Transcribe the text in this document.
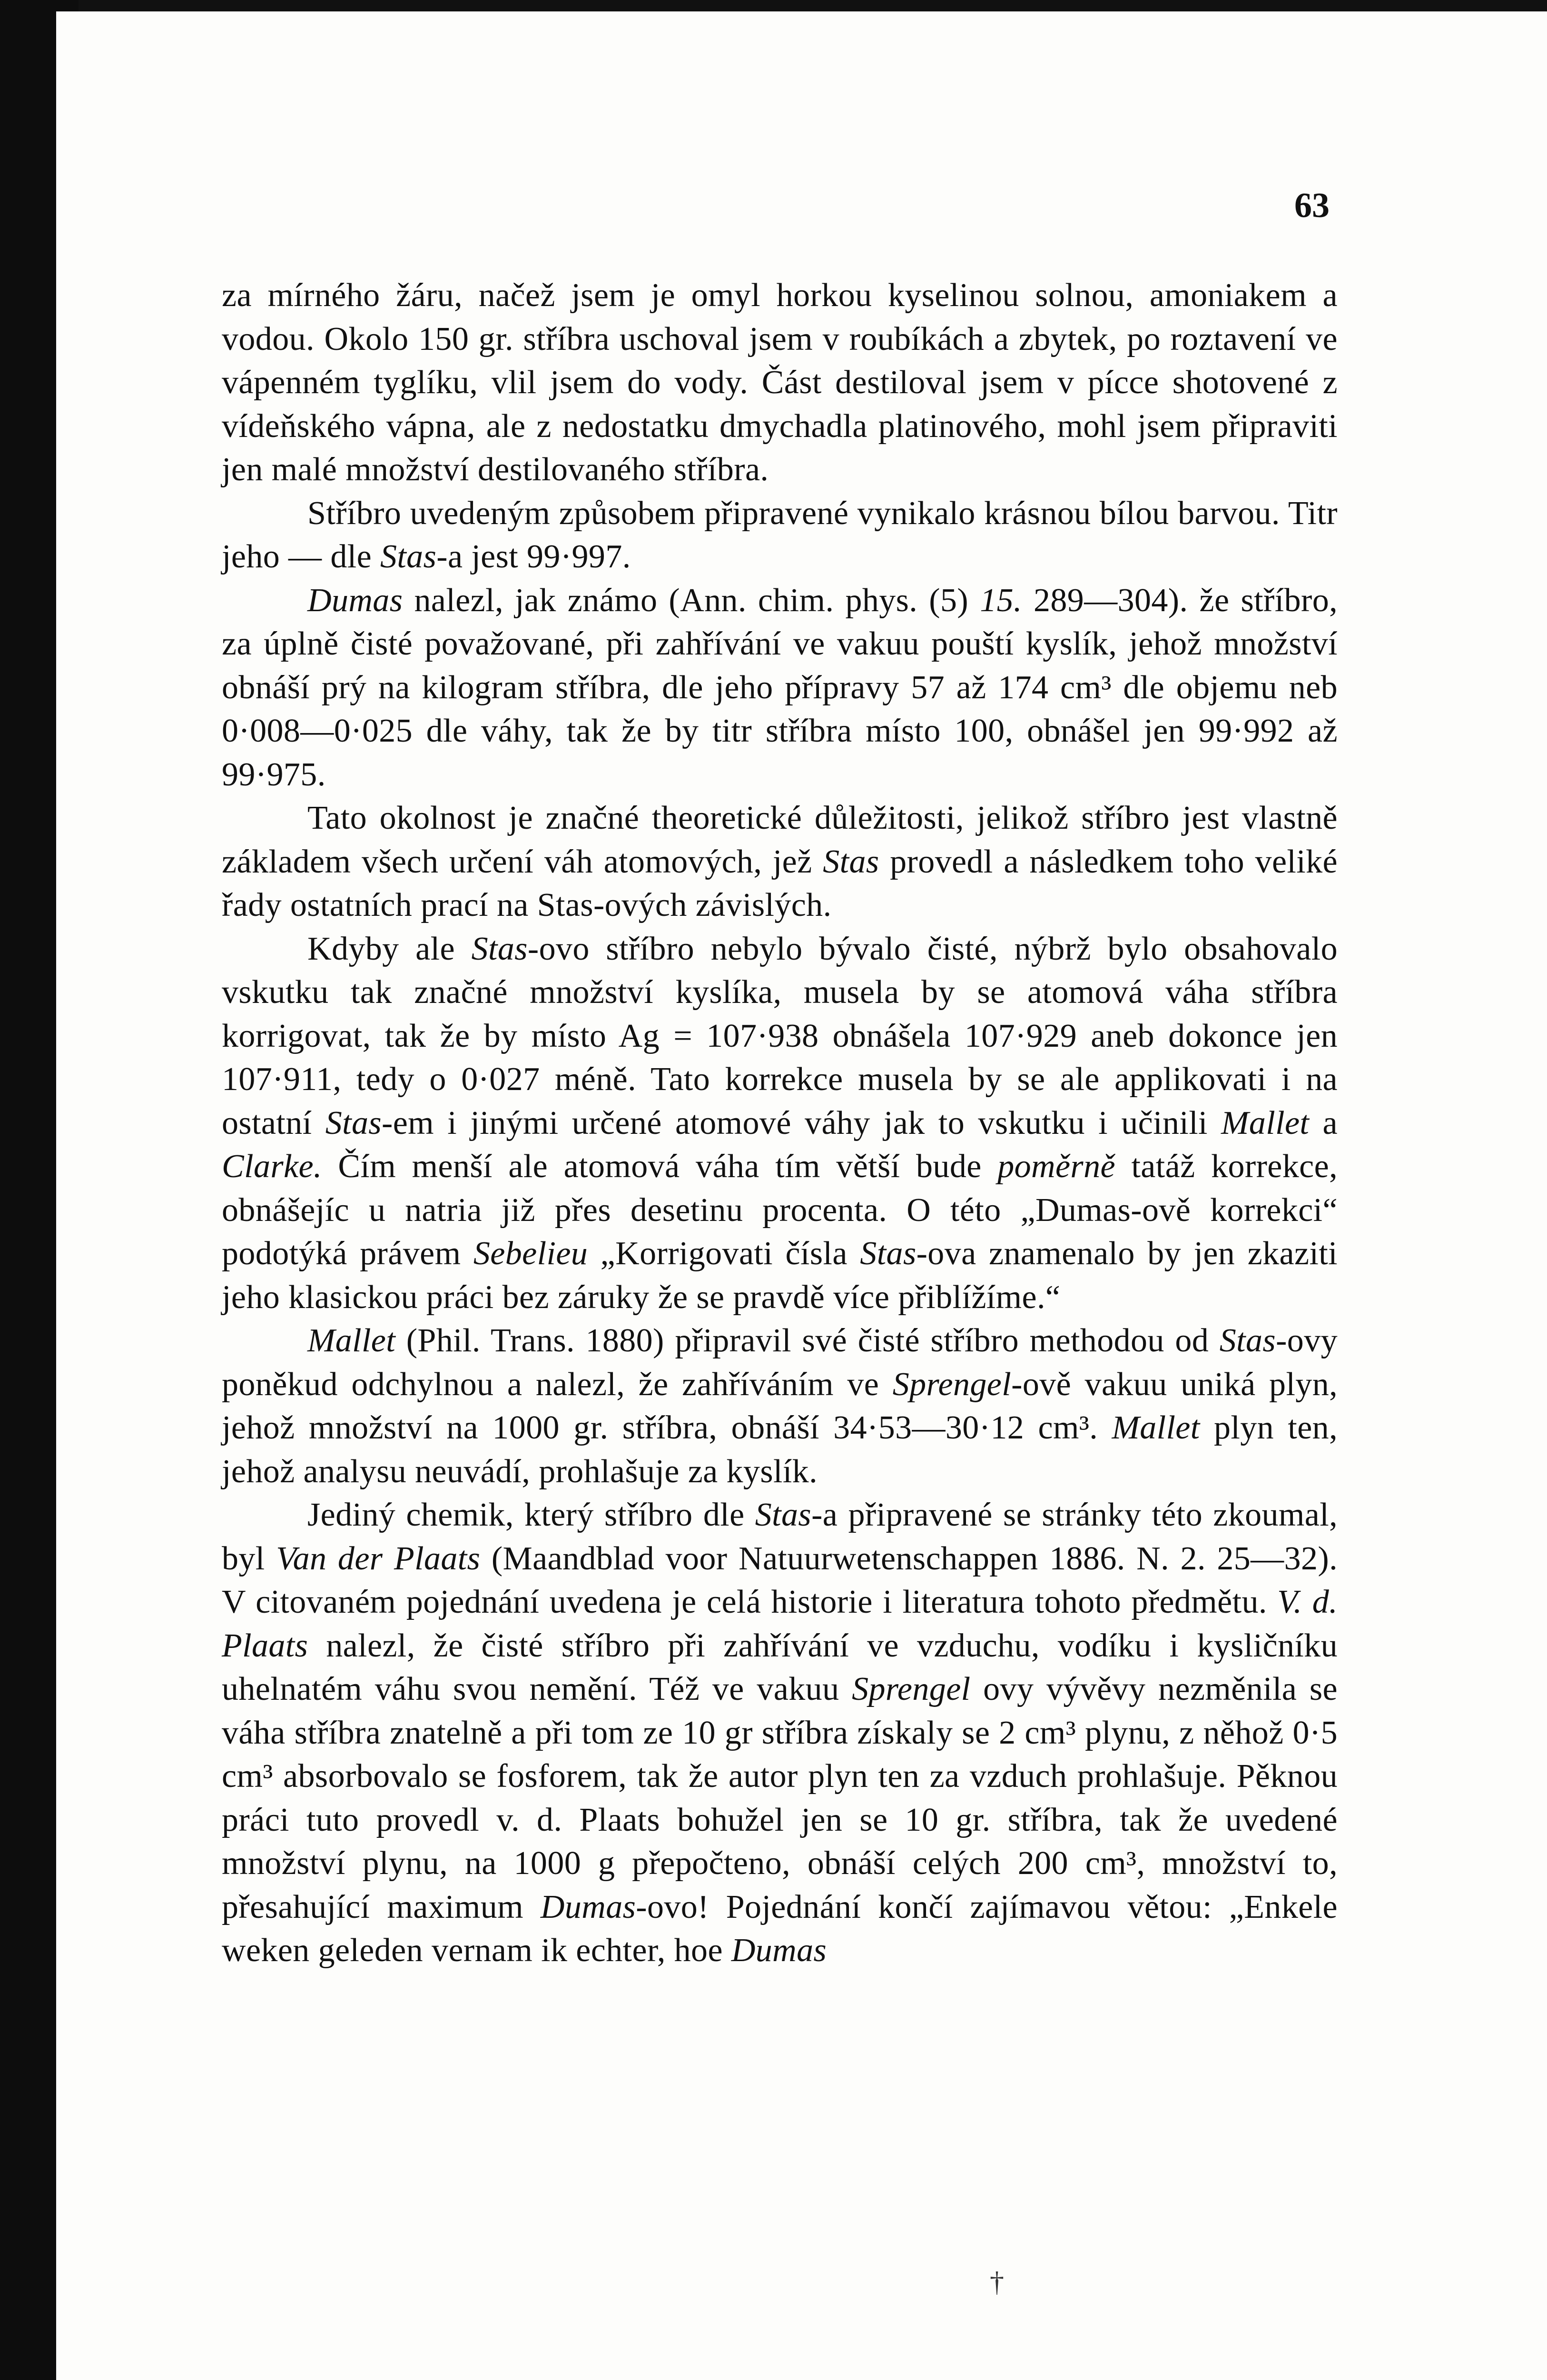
63

za mírného žáru, načež jsem je omyl horkou kyselinou solnou, amoniakem a vodou. Okolo 150 gr. stříbra uschoval jsem v roubíkách a zbytek, po roztavení ve vápenném tyglíku, vlil jsem do vody. Část destiloval jsem v pícce shotovené z vídeňského vápna, ale z nedostatku dmychadla platinového, mohl jsem připraviti jen malé množství destilovaného stříbra.

Stříbro uvedeným způsobem připravené vynikalo krásnou bílou barvou. Titr jeho — dle Stas-a jest 99·997.

Dumas nalezl, jak známo (Ann. chim. phys. (5) 15. 289—304). že stříbro, za úplně čisté považované, při zahřívání ve vakuu pouští kyslík, jehož množství obnáší prý na kilogram stříbra, dle jeho přípravy 57 až 174 cm³ dle objemu neb 0·008—0·025 dle váhy, tak že by titr stříbra místo 100, obnášel jen 99·992 až 99·975.

Tato okolnost je značné theoretické důležitosti, jelikož stříbro jest vlastně základem všech určení váh atomových, jež Stas provedl a následkem toho veliké řady ostatních prací na Stas-ových závislých.

Kdyby ale Stas-ovo stříbro nebylo bývalo čisté, nýbrž bylo obsahovalo vskutku tak značné množství kyslíka, musela by se atomová váha stříbra korrigovat, tak že by místo Ag = 107·938 obnášela 107·929 aneb dokonce jen 107·911, tedy o 0·027 méně. Tato korrekce musela by se ale applikovati i na ostatní Stas-em i jinými určené atomové váhy jak to vskutku i učinili Mallet a Clarke. Čím menší ale atomová váha tím větší bude poměrně tatáž korrekce, obnášejíc u natria již přes desetinu procenta. O této „Dumas-ově korrekci“ podotýká právem Sebelieu „Korrigovati čísla Stas-ova znamenalo by jen zkaziti jeho klasickou práci bez záruky že se pravdě více přiblížíme.“

Mallet (Phil. Trans. 1880) připravil své čisté stříbro methodou od Stas-ovy poněkud odchylnou a nalezl, že zahříváním ve Sprengel-ově vakuu uniká plyn, jehož množství na 1000 gr. stříbra, obnáší 34·53—30·12 cm³. Mallet plyn ten, jehož analysu neuvádí, prohlašuje za kyslík.

Jediný chemik, který stříbro dle Stas-a připravené se stránky této zkoumal, byl Van der Plaats (Maandblad voor Natuurwetenschappen 1886. N. 2. 25—32). V citovaném pojednání uvedena je celá historie i literatura tohoto předmětu. V. d. Plaats nalezl, že čisté stříbro při zahřívání ve vzduchu, vodíku i kysličníku uhelnatém váhu svou nemění. Též ve vakuu Sprengel ovy vývěvy nezměnila se váha stříbra znatelně a při tom ze 10 gr stříbra získaly se 2 cm³ plynu, z něhož 0·5 cm³ absorbovalo se fosforem, tak že autor plyn ten za vzduch prohlašuje. Pěknou práci tuto provedl v. d. Plaats bohužel jen se 10 gr. stříbra, tak že uvedené množství plynu, na 1000 g přepočteno, obnáší celých 200 cm³, množství to, přesahující maximum Dumas-ovo! Pojednání končí zajímavou větou: „Enkele weken geleden vernam ik echter, hoe Dumas

†
